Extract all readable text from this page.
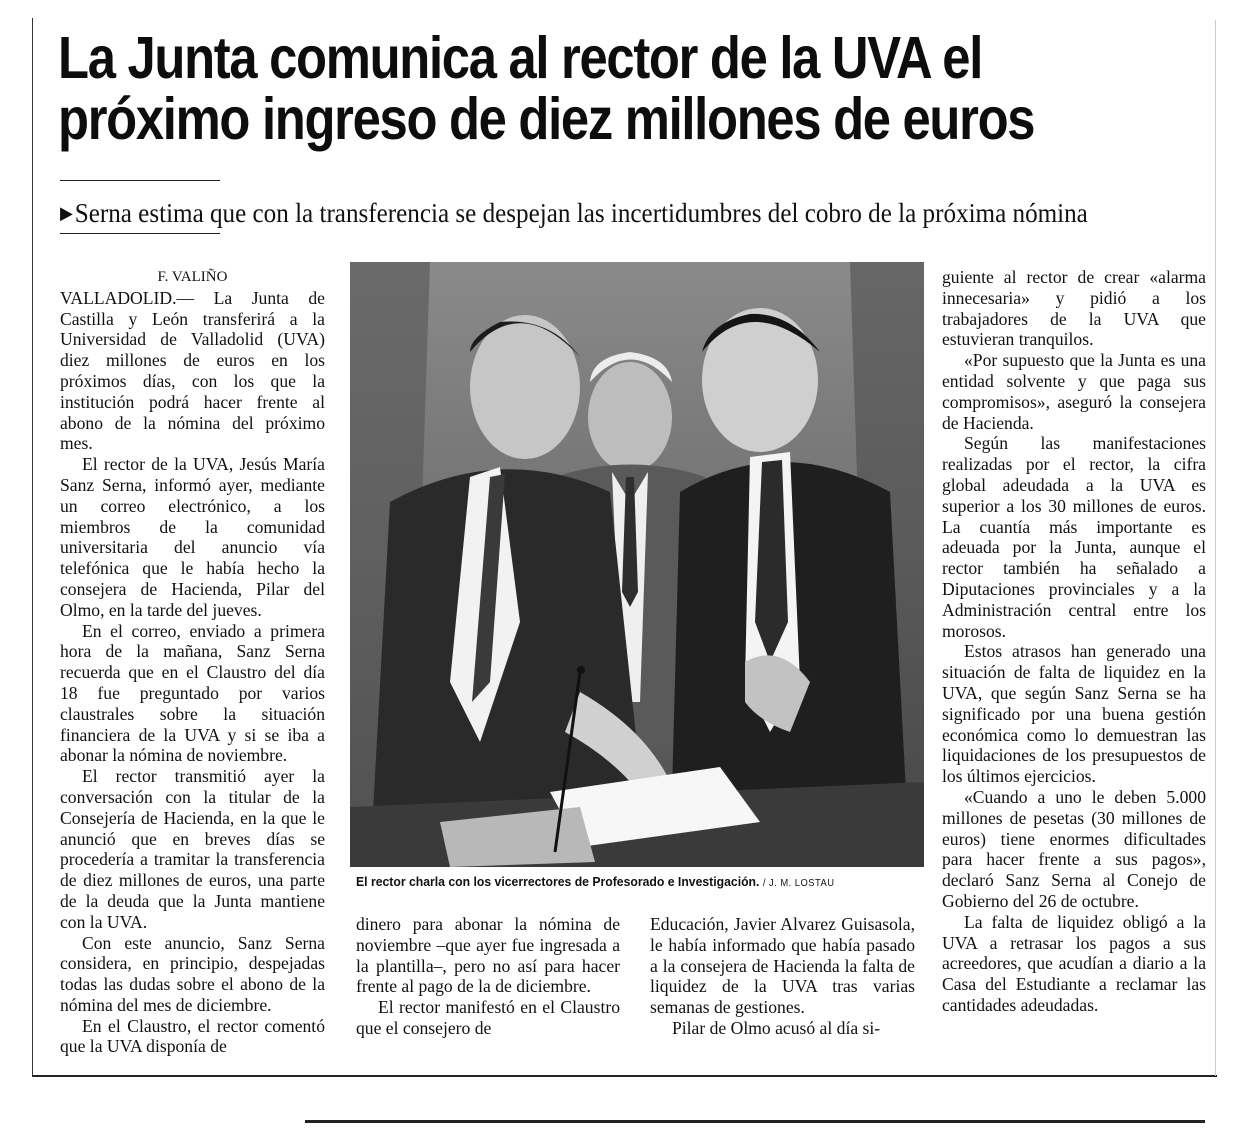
La Junta comunica al rector de la UVA el
próximo ingreso de diez millones de euros
▶Serna estima que con la transferencia se despejan las incertidumbres del cobro de la próxima nómina

F. VALIÑO

VALLADOLID.— La Junta de Castilla y León transferirá a la Universidad de Valladolid (UVA) diez millones de euros en los próximos días, con los que la institución podrá hacer frente al abono de la nómina del próximo mes.

El rector de la UVA, Jesús María Sanz Serna, informó ayer, mediante un correo electrónico, a los miembros de la comunidad universitaria del anuncio vía telefónica que le había hecho la consejera de Hacienda, Pilar del Olmo, en la tarde del jueves.

En el correo, enviado a primera hora de la mañana, Sanz Serna recuerda que en el Claustro del día 18 fue preguntado por varios claustrales sobre la situación financiera de la UVA y si se iba a abonar la nómina de noviembre.

El rector transmitió ayer la conversación con la titular de la Consejería de Hacienda, en la que le anunció que en breves días se procedería a tramitar la transferencia de diez millones de euros, una parte de la deuda que la Junta mantiene con la UVA.

Con este anuncio, Sanz Serna considera, en principio, despejadas todas las dudas sobre el abono de la nómina del mes de diciembre.

En el Claustro, el rector comentó que la UVA disponía de

El rector charla con los vicerrectores de Profesorado e Investigación. / J. M. LOSTAU

dinero para abonar la nómina de noviembre –que ayer fue ingresada a la plantilla–, pero no así para hacer frente al pago de la de diciembre.

El rector manifestó en el Claustro que el consejero de

Educación, Javier Alvarez Guisasola, le había informado que había pasado a la consejera de Hacienda la falta de liquidez de la UVA tras varias semanas de gestiones.

Pilar de Olmo acusó al día si-

guiente al rector de crear «alarma innecesaria» y pidió a los trabajadores de la UVA que estuvieran tranquilos.

«Por supuesto que la Junta es una entidad solvente y que paga sus compromisos», aseguró la consejera de Hacienda.

Según las manifestaciones realizadas por el rector, la cifra global adeudada a la UVA es superior a los 30 millones de euros. La cuantía más importante es adeuada por la Junta, aunque el rector también ha señalado a Diputaciones provinciales y a la Administración central entre los morosos.

Estos atrasos han generado una situación de falta de liquidez en la UVA, que según Sanz Serna se ha significado por una buena gestión económica como lo demuestran las liquidaciones de los presupuestos de los últimos ejercicios.

«Cuando a uno le deben 5.000 millones de pesetas (30 millones de euros) tiene enormes dificultades para hacer frente a sus pagos», declaró Sanz Serna al Conejo de Gobierno del 26 de octubre.

La falta de liquidez obligó a la UVA a retrasar los pagos a sus acreedores, que acudían a diario a la Casa del Estudiante a reclamar las cantidades adeudadas.
